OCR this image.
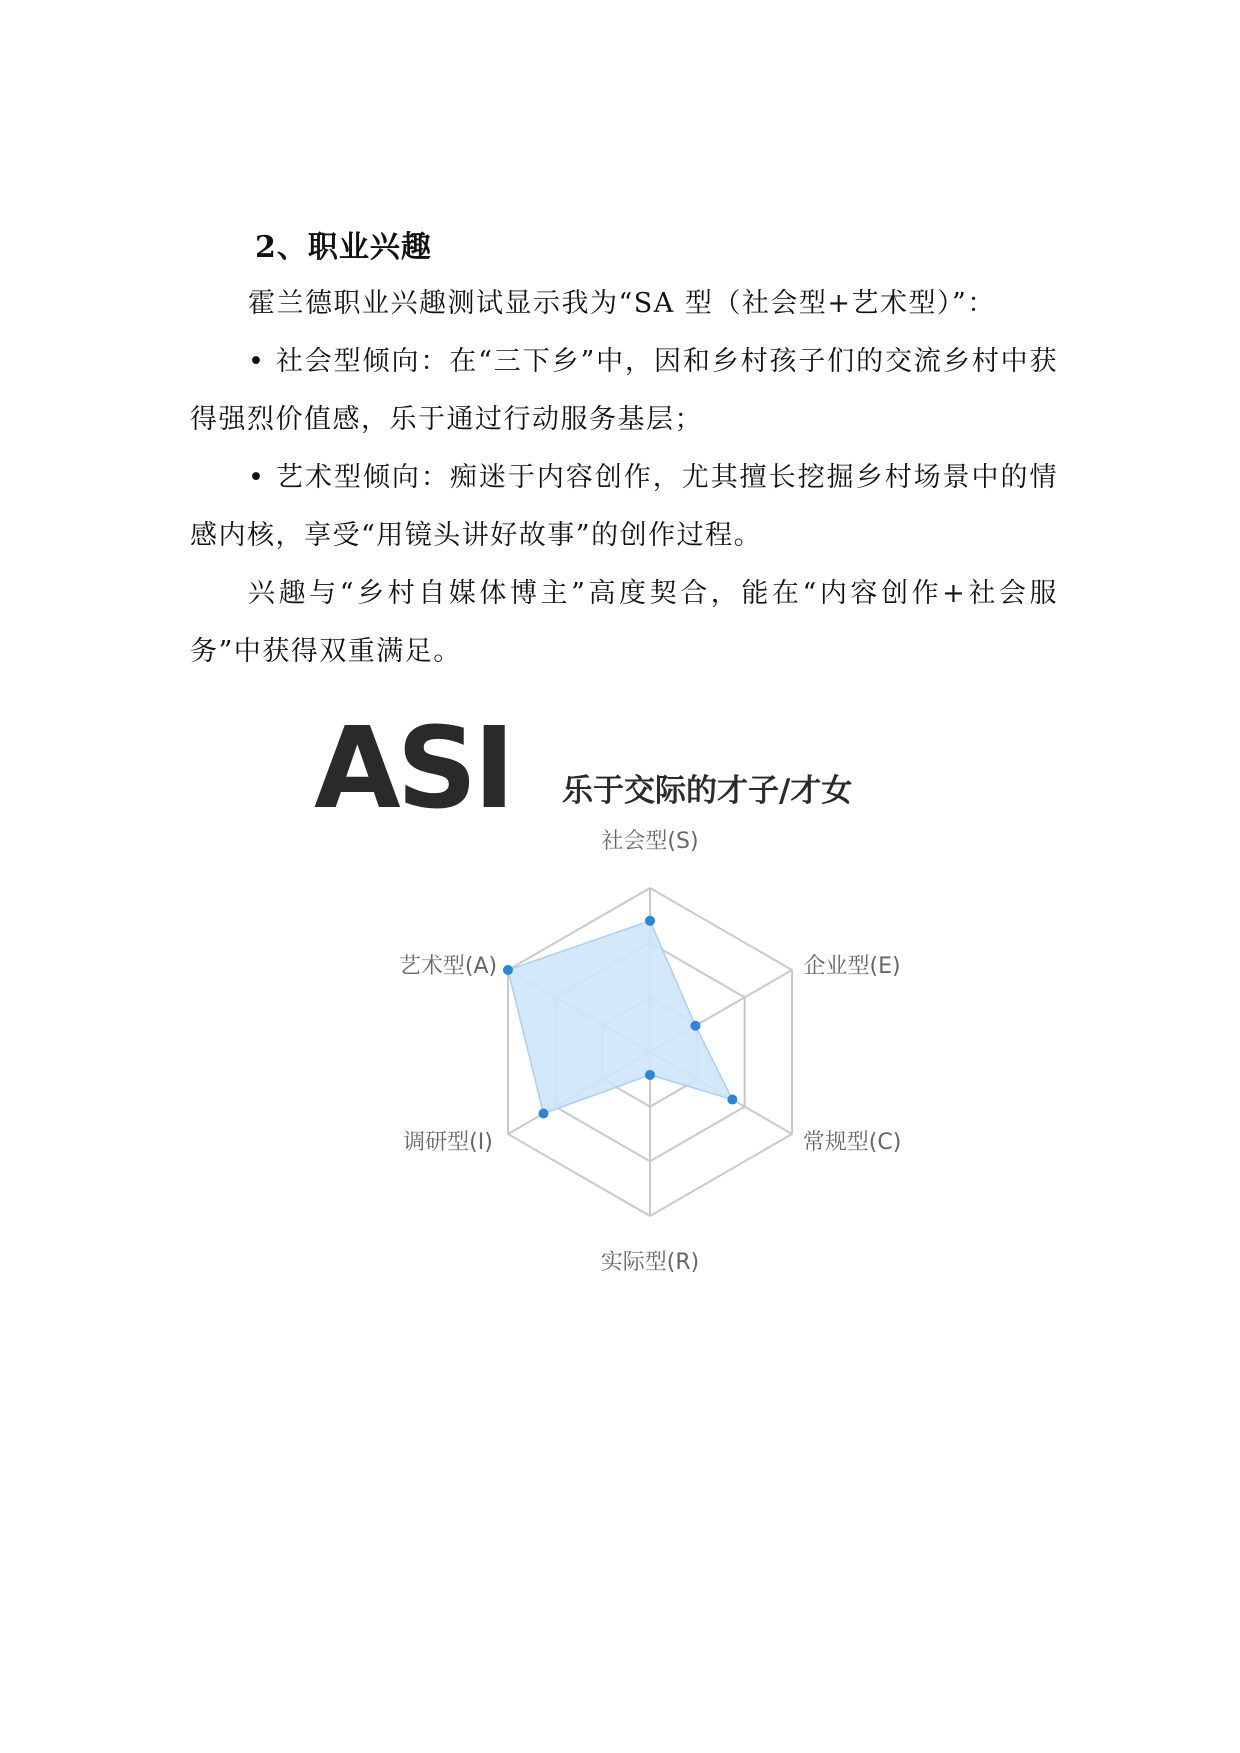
2、职业兴趣

霍兰德职业兴趣测试显示我为“SA 型（社会型+艺术型）”：

• 社会型倾向：在“三下乡”中，因和乡村孩子们的交流乡村中获得强烈价值感，乐于通过行动服务基层；

• 艺术型倾向：痴迷于内容创作，尤其擅长挖掘乡村场景中的情感内核，享受“用镜头讲好故事”的创作过程。

兴趣与“乡村自媒体博主”高度契合，能在“内容创作+社会服务”中获得双重满足。

ASI 乐于交际的才子/才女
社会型(S)
企业型(E)
常规型(C)
实际型(R)
调研型(I)
艺术型(A)
